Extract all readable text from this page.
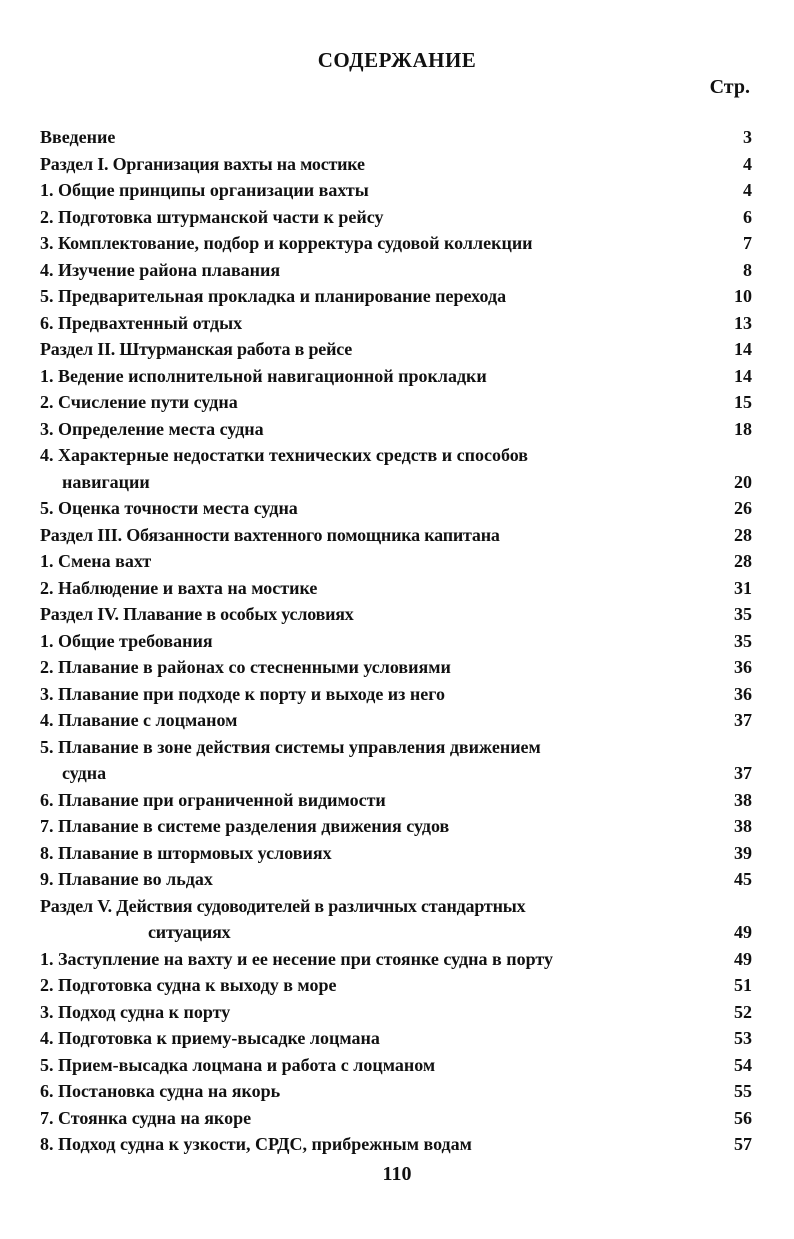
СОДЕРЖАНИЕ
Стр.
Введение	3
Раздел I. Организация вахты на мостике	4
1. Общие принципы организации вахты	4
2. Подготовка штурманской части к рейсу	6
3. Комплектование, подбор и корректура судовой коллекции	7
4. Изучение района плавания	8
5. Предварительная прокладка и планирование перехода	10
6. Предвахтенный отдых	13
Раздел II. Штурманская работа в рейсе	14
1. Ведение исполнительной навигационной прокладки	14
2. Счисление пути судна	15
3. Определение места судна	18
4. Характерные недостатки технических средств и способов
навигации	20
5. Оценка точности места судна	26
Раздел III. Обязанности вахтенного помощника капитана	28
1. Смена вахт	28
2. Наблюдение и вахта на мостике	31
Раздел IV. Плавание в особых условиях	35
1. Общие требования	35
2. Плавание в районах со стесненными условиями	36
3. Плавание при подходе к порту и выходе из него	36
4. Плавание с лоцманом	37
5. Плавание в зоне действия системы управления движением
судна	37
6. Плавание при ограниченной видимости	38
7. Плавание в системе разделения движения судов	38
8. Плавание в штормовых условиях	39
9. Плавание во льдах	45
Раздел V. Действия судоводителей в различных стандартных
ситуациях	49
1. Заступление на вахту и ее несение при стоянке судна в порту	49
2. Подготовка судна к выходу в море	51
3. Подход судна к порту	52
4. Подготовка к приему-высадке лоцмана	53
5. Прием-высадка лоцмана и работа с лоцманом	54
6. Постановка судна на якорь	55
7. Стоянка судна на якоре	56
8. Подход судна к узкости, СРДС, прибрежным водам	57
110
